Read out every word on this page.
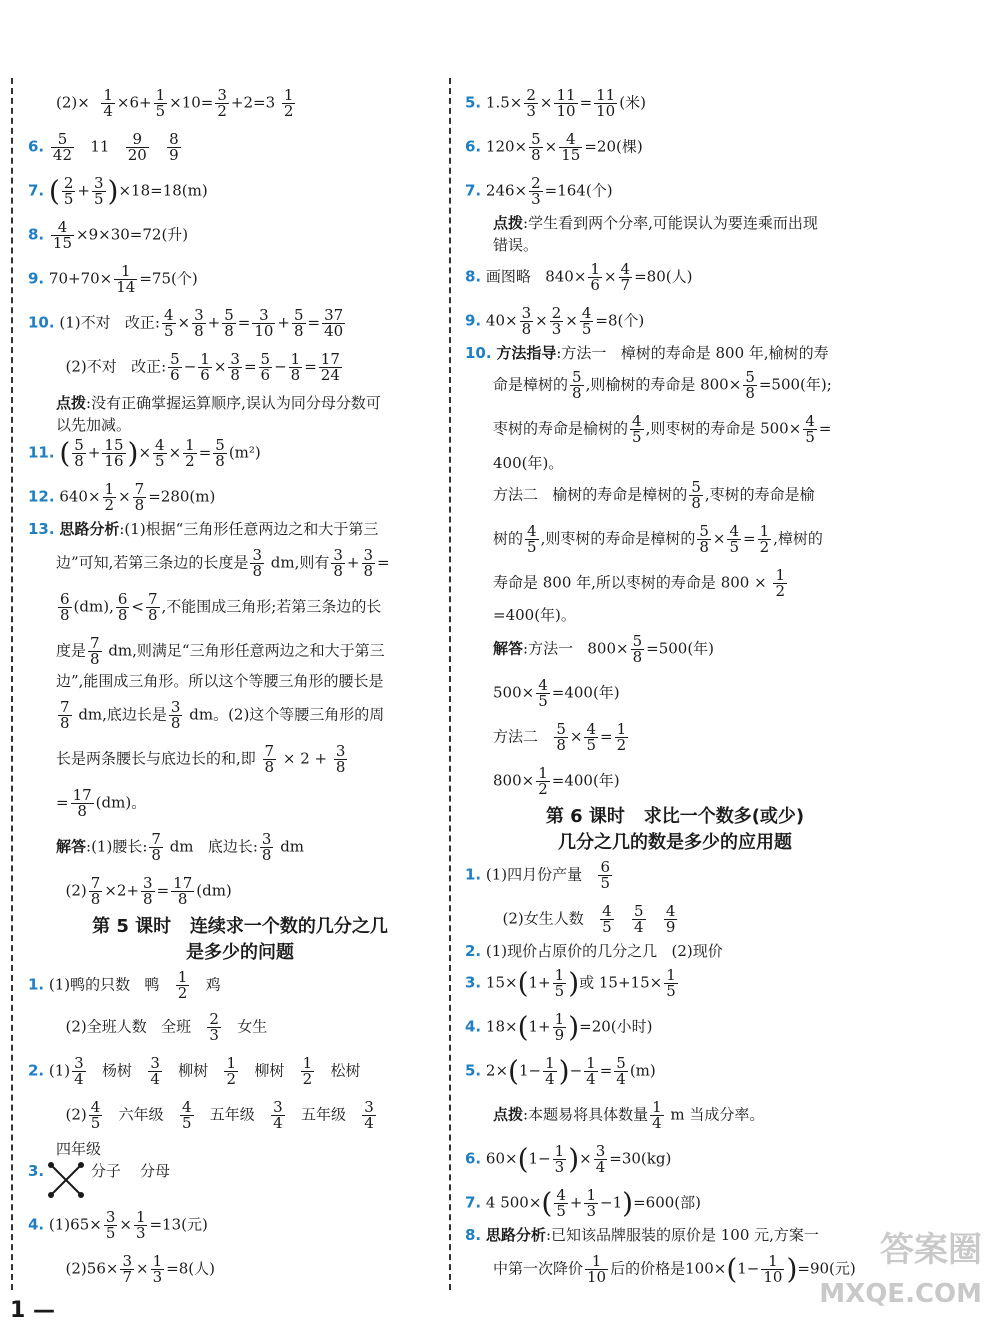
$(2)\times \frac{1}{4} \times 6+ \frac{1}{5} \times 10= \frac{3}{2} +2=3 \frac{1}{2}$
6. $\frac{5}{42} 11 \frac{9}{20}$
$\frac{8}{9}$
7. ( $\frac{2}{5} + \frac{3}{5} )\times 18=18(m)$
8. $\frac{4}{15} \times 9\times 30=72$(升)
9. $70+70\times \frac{1}{14} =75$(个)
10. (1)不对   改正: $\frac{4}{5} \times \frac{3}{8} + \frac{5}{8} = \frac{3}{10} + \frac{5}{8} = \frac{37}{40}$
(2)不对   改正: $\frac{5}{6} - \frac{1}{6} \times \frac{3}{8} = \frac{5}{6} - \frac{1}{8} = \frac{17}{24}$
点拨:没有正确掌握运算顺序,误认为同分母分数可
以先加减。
11. ( $\frac{5}{8} + \frac{15}{16}$ )× $\frac{4}{5} \times \frac{1}{2} = \frac{5}{8} (m^2)$
12. $640\times \frac{1}{2} \times \frac{7}{8} =280(m)$
13. 思路分析:(1)根据“三角形任意两边之和大于第三
边”可知,若第三条边的长度是 $\frac{3}{8}$ dm,则有 $\frac{3}{8} + \frac{3}{8}$ =
$\frac{6}{8} (dm)$, $\frac{6}{8} < \frac{7}{8}$ ,不能围成三角形;若第三条边的长
度是 $\frac{7}{8}$ dm,则满足“三角形任意两边之和大于第三
边”,能围成三角形。所以这个等腰三角形的腰长是
$\frac{7}{8}$ dm,底边长是 $\frac{3}{8}$ dm。(2)这个等腰三角形的周
长是两条腰长与底边长的和,即 $\frac{7}{8} \times 2 + \frac{3}{8}$
= $\frac{17}{8} (dm)$。
解答:(1)腰长: $\frac{7}{8}$ dm   底边长: $\frac{3}{8}$ dm
$(2) \frac{7}{8} \times 2+ \frac{3}{8} = \frac{17}{8} (dm)$
1. (1)鸭的只数   鸭 $\frac{1}{2}$ 鸡
(2)全班人数   全班 $\frac{2}{3}$ 女生
2. $(1) \frac{3}{4}$ 杨树 $\frac{3}{4}$ 柳树 $\frac{1}{2}$ 柳树 $\frac{1}{2}$ 松树
$(2) \frac{4}{5}$ 六年级 $\frac{4}{5}$ 五年级 $\frac{3}{4}$ 五年级 $\frac{3}{4}$
四年级
3.	分子    分母
4. $(1)65\times \frac{3}{5} \times \frac{1}{3} =13$(元)
$(2)56\times \frac{3}{7} \times \frac{1}{3} =8$(人)
5. $1.5\times \frac{2}{3} \times \frac{11}{10} = \frac{11}{10}$ (米)
6. $120\times \frac{5}{8} \times \frac{4}{15} =20$(棵)
7. $246\times \frac{2}{3} =164$(个)
点拨:学生看到两个分率,可能误认为要连乘而出现
错误。
8. 画图略   $840\times \frac{1}{6} \times \frac{4}{7} =80$(人)
9. $40\times \frac{3}{8} \times \frac{2}{3} \times \frac{4}{5} =8$(个)
10. 方法指导:方法一   樟树的寿命是 800 年,榆树的寿
命是樟树的 $\frac{5}{8}$ ,则榆树的寿命是 $800\times \frac{5}{8} =500$(年);
枣树的寿命是榆树的 $\frac{4}{5}$ ,则枣树的寿命是 $500\times \frac{4}{5}$ =
400(年)。
方法二   榆树的寿命是樟树的 $\frac{5}{8}$ ,枣树的寿命是榆
树的 $\frac{4}{5}$ ,则枣树的寿命是樟树的 $\frac{5}{8} \times \frac{4}{5} = \frac{1}{2}$ ,樟树的
寿命是 800 年,所以枣树的寿命是 $800 \times \frac{1}{2}$
=400(年)。
解答:方法一   $800\times \frac{5}{8} =500$(年)
$500\times \frac{4}{5} =400$(年)
方法二 $\frac{5}{8} \times \frac{4}{5} = \frac{1}{2}$
$800\times \frac{1}{2} =400$(年)
1. (1)四月份产量 $\frac{6}{5}$
(2)女生人数 $\frac{4}{5}$
$\frac{5}{4}$
$\frac{4}{9}$
2. (1)现价占原价的几分之几   (2)现价
3. $15\times(1+ \frac{1}{5}$ )或 $15+15\times \frac{1}{5}$
4. $18\times(1+ \frac{1}{9} )=20$(小时)
5. $2\times(1- \frac{1}{4}$ )− $\frac{1}{4} = \frac{5}{4} (m)$
点拨:本题易将具体数量 $\frac{1}{4}$ m 当成分率。
6. $60\times(1- \frac{1}{3}$ )× $\frac{3}{4} =30(kg)$
7. 4 $500\times( \frac{4}{5} + \frac{1}{3} -1)=600$(部)
8. 思路分析:已知该品牌服装的原价是 100 元,方案一
中第一次降价 $\frac{1}{10}$ 后的价格是$100\times(1- \frac{1}{10} )=90$(元)
第 5 课时   连续求一个数的几分之几
是多少的问题
第 6 课时   求比一个数多(或少)
几分之几的数是多少的应用题
1 —
答案圈
MXQE.COM
